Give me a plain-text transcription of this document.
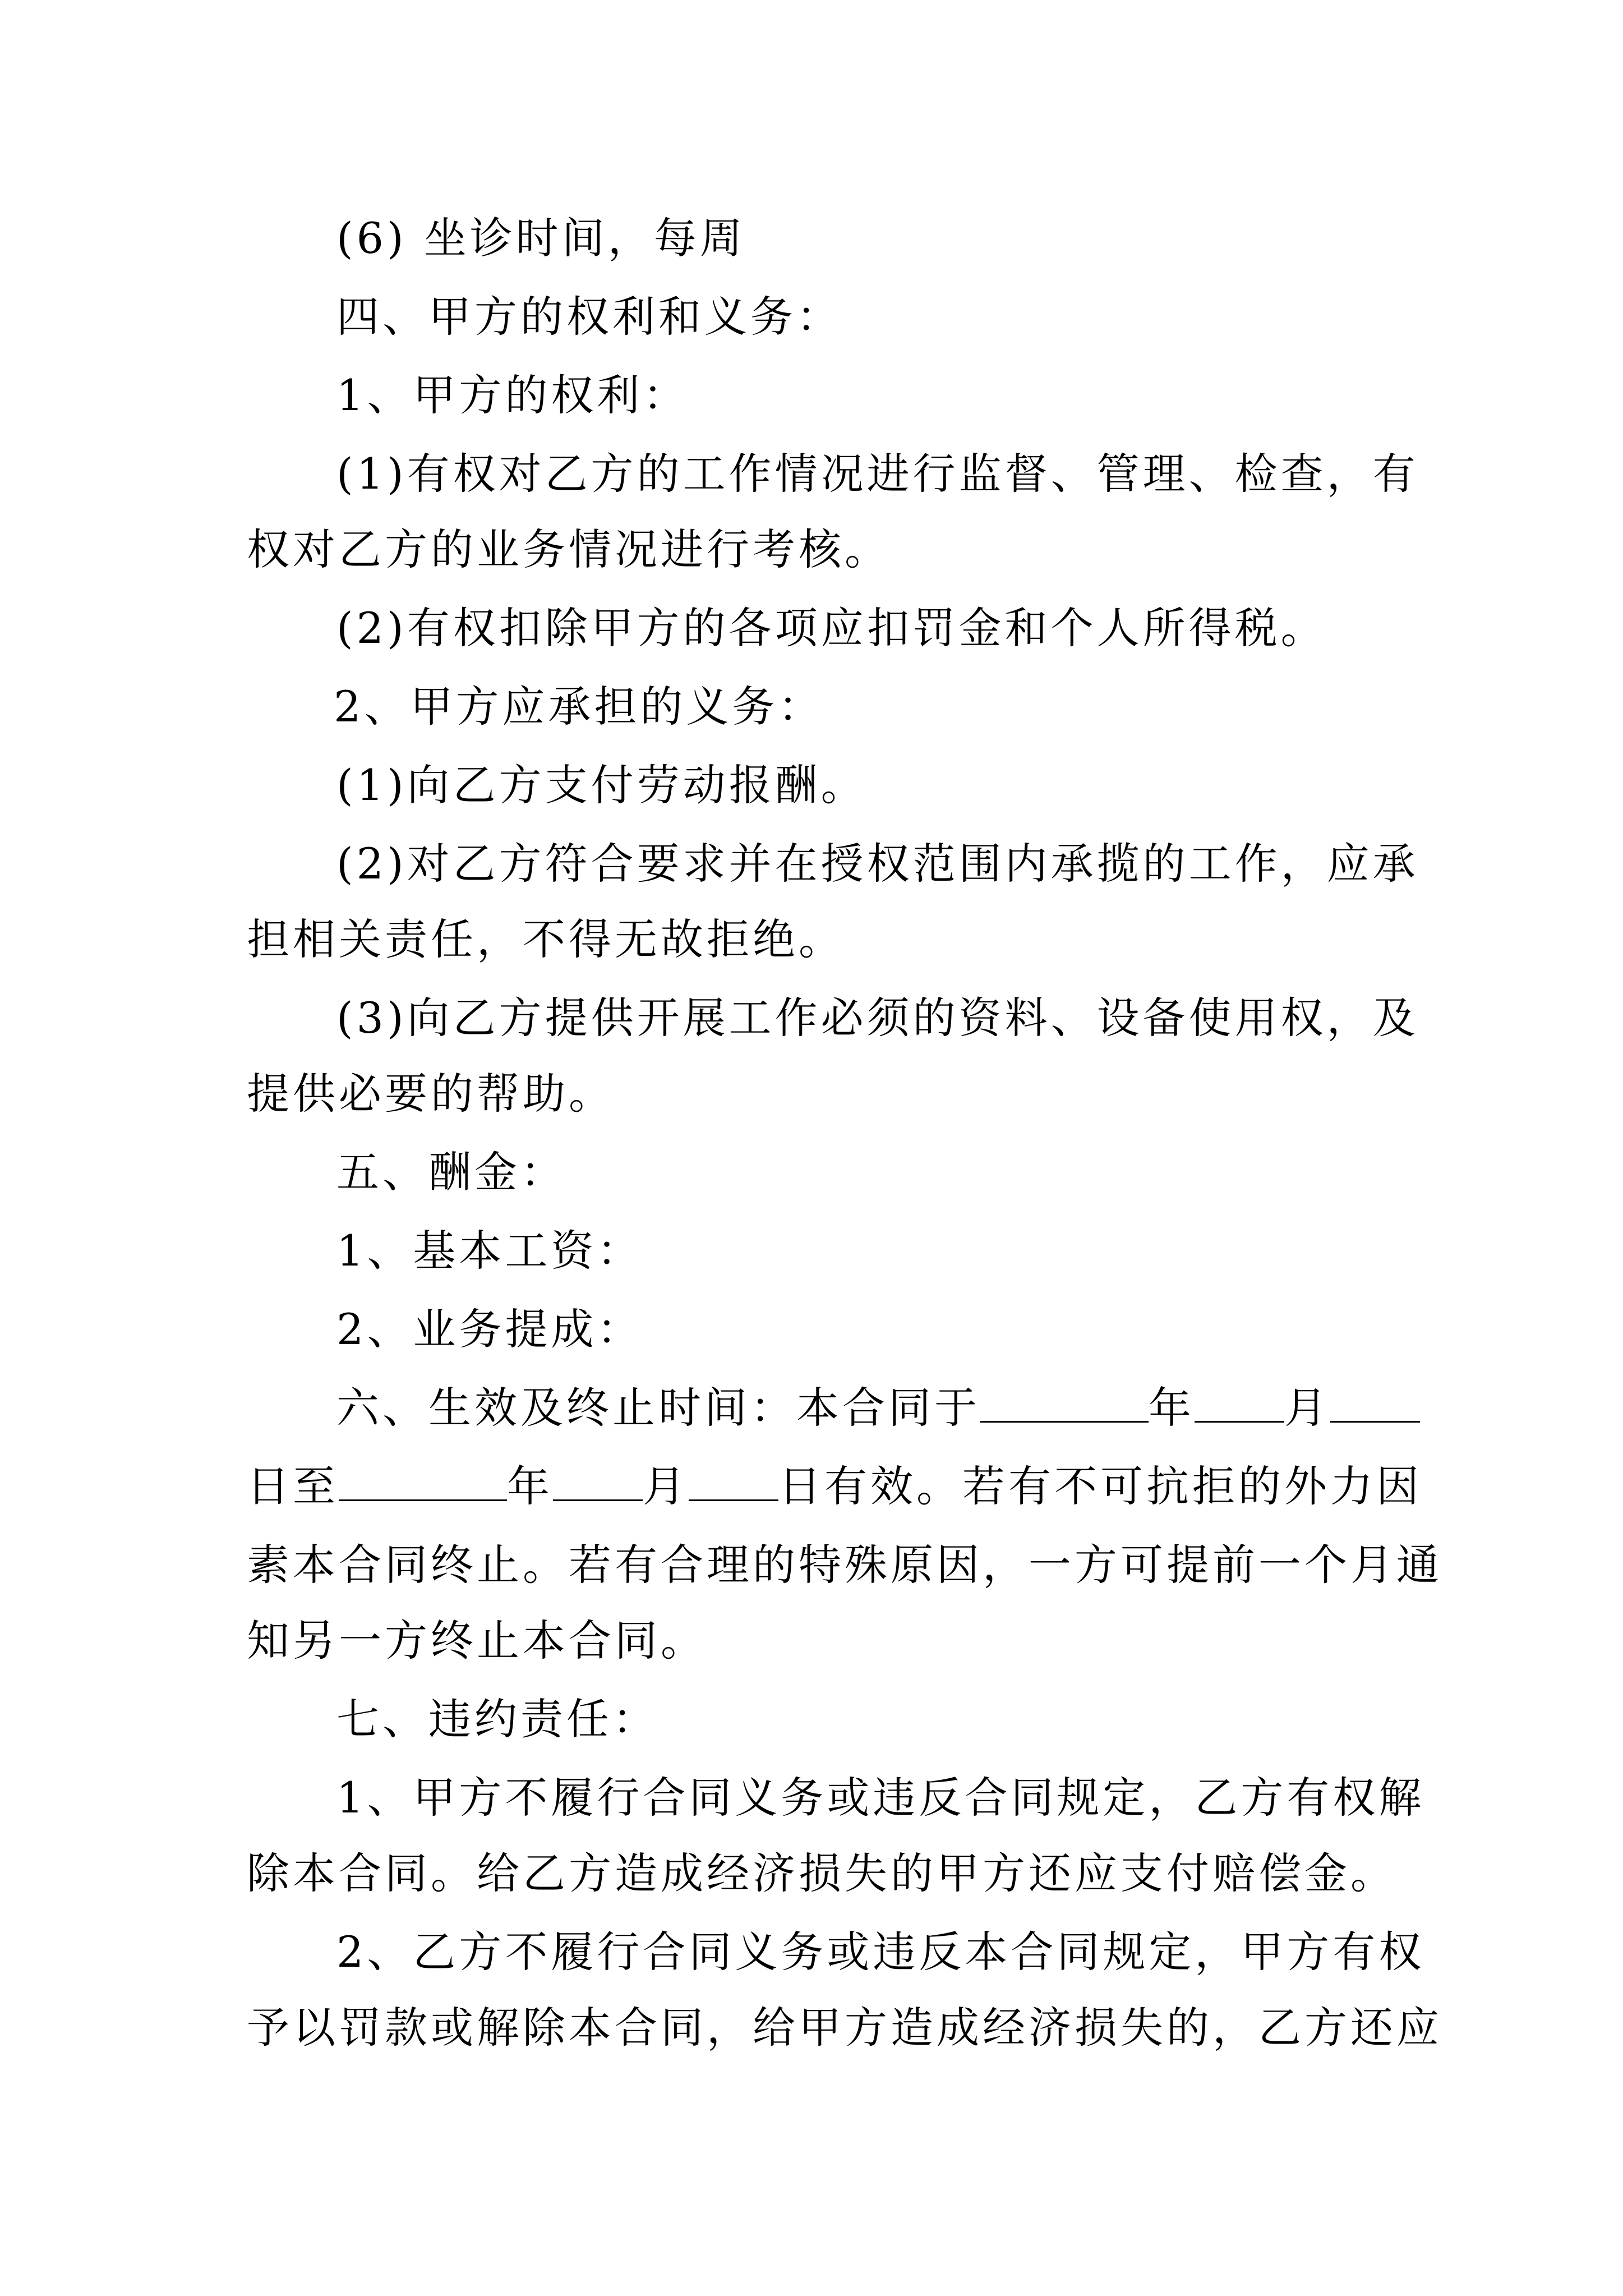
(6) 坐诊时间，每周
四、甲方的权利和义务：
1、甲方的权利：
(1)有权对乙方的工作情况进行监督、管理、检查，有
权对乙方的业务情况进行考核。
(2)有权扣除甲方的各项应扣罚金和个人所得税。
2、甲方应承担的义务：
(1)向乙方支付劳动报酬。
(2)对乙方符合要求并在授权范围内承揽的工作，应承
担相关责任，不得无故拒绝。
(3)向乙方提供开展工作必须的资料、设备使用权，及
提供必要的帮助。
五、酬金：
1、基本工资：
2、业务提成：
六、生效及终止时间：本合同于	年 月
日至	年 月 日有效。若有不可抗拒的外力因
素本合同终止。若有合理的特殊原因，一方可提前一个月通
知另一方终止本合同。
七、违约责任：
1、甲方不履行合同义务或违反合同规定，乙方有权解
除本合同。给乙方造成经济损失的甲方还应支付赔偿金。
2、乙方不履行合同义务或违反本合同规定，甲方有权
予以罚款或解除本合同，给甲方造成经济损失的，乙方还应
